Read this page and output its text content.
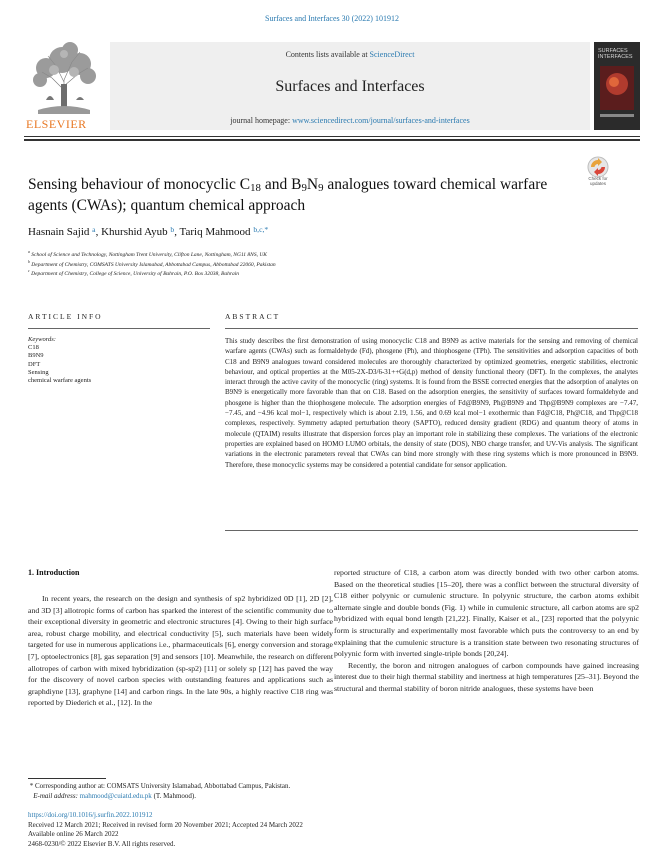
Surfaces and Interfaces 30 (2022) 101912
ELSEVIER
Contents lists available at ScienceDirect
Surfaces and Interfaces
journal homepage: www.sciencedirect.com/journal/surfaces-and-interfaces
SURFACES
INTERFACES
Sensing behaviour of monocyclic $C_{18}$ and $B_9N_9$ analogues toward chemical warfare agents (CWAs); quantum chemical approach
Check for
updates
Hasnain Sajid $^a$, Khurshid Ayub $^b$, Tariq Mahmood $^{b,c,*}$
$^a$ School of Science and Technology, Nottingham Trent University, Clifton Lane, Nottingham, NG11 8NS, UK
$^b$ Department of Chemistry, COMSATS University Islamabad, Abbottabad Campus, Abbottabad 22060, Pakistan
$^c$ Department of Chemistry, College of Science, University of Bahrain, P.O. Box 32038, Bahrain
ARTICLE INFO	ABSTRACT
Keywords:
C18
B9N9
DFT
Sensing
chemical warfare agents
This study describes the first demonstration of using monocyclic C18 and B9N9 as active materials for the sensing and removing of chemical warfare agents (CWAs) such as formaldehyde (Fd), phosgene (Ph), and thiophosgene (TPh). The sensitivities and adsorption capacities of both C18 and B9N9 analogues toward considered molecules are thoroughly characterized by optimized geometries, energetic stabilities, electronic behaviour, and optical properties at the M05-2X-D3/6-31++G(d,p) method of density functional theory (DFT). In the complexes, the analytes interact through the active cavity of the monocyclic (ring) systems. It is found from the BSSE corrected energies that the adsorption of analytes on B9N9 is energetically more favorable than that on C18. Based on the adsorption energies, the sensitivity of surfaces toward formaldehyde and phosgene is higher than the thiophosgene molecule. The adsorption energies of Fd@B9N9, Ph@B9N9 and Thp@B9N9 complexes are −7.47, −7.45, and −4.96 kcal mol−1, respectively which is about 2.19, 1.56, and 0.69 kcal mol−1 exothermic than Fd@C18, Ph@C18, and Thp@C18 complexes, respectively. Symmetry adapted perturbation theory (SAPTO), reduced density gradient (RDG) and quantum theory of atoms in molecule (QTAIM) results illustrate that dispersion forces play an important role in stabilizing these complexes. The variations of the electronic properties are explained based on HOMO LUMO orbitals, the density of state (DOS), NBO charge transfer, and UV-Vis analysis. The significant variations in the electronic parameters reveal that CWAs can bind more strongly with these ring systems which is more pronounced in B9N9. Therefore, these monocyclic systems may be considered a potential candidate for sensor application.
1. Introduction

In recent years, the research on the design and synthesis of sp2 hybridized 0D [1], 2D [2], and 3D [3] allotropic forms of carbon has sparked the interest of the scientific community due to their exceptional diversity in geometric and electronic structures [4]. Owing to their high surface area, robust charge mobility, and electrical conductivity [5], such materials have been widely targeted for use in numerous applications i.e., pharmaceuticals [6], energy conversion and storage [7], optoelectronics [8], gas separation [9] and sensors [10]. Meanwhile, the research on different allotropes of carbon with mixed hybridization (sp-sp2) [11] or solely sp [12] has paved the way for the discovery of novel carbon species with outstanding features and applications such as graphdiyne [13], graphyne [14] and carbon rings. In the late 90s, a highly reactive C18 ring was reported by Diederich et al., [12]. In the

reported structure of C18, a carbon atom was directly bonded with two other carbon atoms. Based on the theoretical studies [15–20], there was a conflict between the structural diversity of C18 either polyynic or cumulenic structure. In polyynic structure, the carbon atoms exhibit alternate single and double bonds (Fig. 1) while in cumulenic structure, all carbon atoms are sp2 hybridized with equal bond length [21,22]. Finally, Kaiser et al., [23] reported that the polyynic form is structurally and experimentally most favorable which puts the controversy to an end by explaining that the cumulenic structure is a transition state between two resonating structures of polyynic form with inverted single-triple bonds [20,24].

Recently, the boron and nitrogen analogues of carbon compounds have gained increasing interest due to their high thermal stability and inertness at high temperatures [25–31]. Beyond the structural and thermal stability of boron nitride analogues, these systems have been

* Corresponding author at: COMSATS University Islamabad, Abbottabad Campus, Pakistan.
E-mail address: mahmood@cuiatd.edu.pk (T. Mahmood).
https://doi.org/10.1016/j.surfin.2022.101912
Received 12 March 2021; Received in revised form 20 November 2021; Accepted 24 March 2022
Available online 26 March 2022
2468-0230/© 2022 Elsevier B.V. All rights reserved.
